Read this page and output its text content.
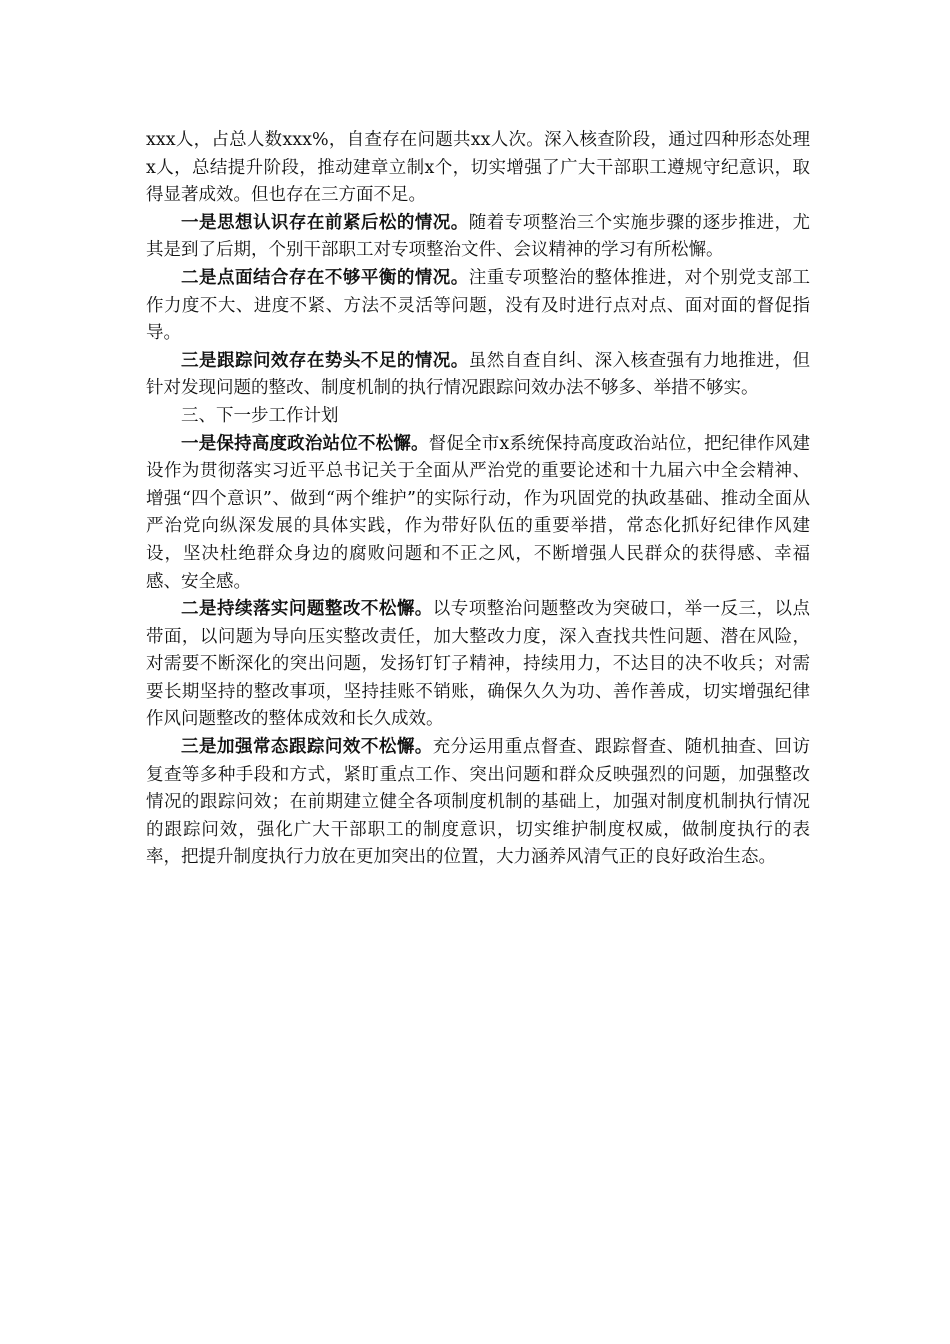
xxx人，占总人数xxx%，自查存在问题共xx人次。深入核查阶段，通过四种形态处理x人，总结提升阶段，推动建章立制x个，切实增强了广大干部职工遵规守纪意识，取得显著成效。但也存在三方面不足。

一是思想认识存在前紧后松的情况。随着专项整治三个实施步骤的逐步推进，尤其是到了后期，个别干部职工对专项整治文件、会议精神的学习有所松懈。

二是点面结合存在不够平衡的情况。注重专项整治的整体推进，对个别党支部工作力度不大、进度不紧、方法不灵活等问题，没有及时进行点对点、面对面的督促指导。

三是跟踪问效存在势头不足的情况。虽然自查自纠、深入核查强有力地推进，但针对发现问题的整改、制度机制的执行情况跟踪问效办法不够多、举措不够实。

三、下一步工作计划

一是保持高度政治站位不松懈。督促全市x系统保持高度政治站位，把纪律作风建设作为贯彻落实习近平总书记关于全面从严治党的重要论述和十九届六中全会精神、增强“四个意识”、做到“两个维护”的实际行动，作为巩固党的执政基础、推动全面从严治党向纵深发展的具体实践，作为带好队伍的重要举措，常态化抓好纪律作风建设，坚决杜绝群众身边的腐败问题和不正之风，不断增强人民群众的获得感、幸福感、安全感。

二是持续落实问题整改不松懈。以专项整治问题整改为突破口，举一反三，以点带面，以问题为导向压实整改责任，加大整改力度，深入查找共性问题、潜在风险，对需要不断深化的突出问题，发扬钉钉子精神，持续用力，不达目的决不收兵；对需要长期坚持的整改事项，坚持挂账不销账，确保久久为功、善作善成，切实增强纪律作风问题整改的整体成效和长久成效。

三是加强常态跟踪问效不松懈。充分运用重点督查、跟踪督查、随机抽查、回访复查等多种手段和方式，紧盯重点工作、突出问题和群众反映强烈的问题，加强整改情况的跟踪问效；在前期建立健全各项制度机制的基础上，加强对制度机制执行情况的跟踪问效，强化广大干部职工的制度意识，切实维护制度权威，做制度执行的表率，把提升制度执行力放在更加突出的位置，大力涵养风清气正的良好政治生态。
